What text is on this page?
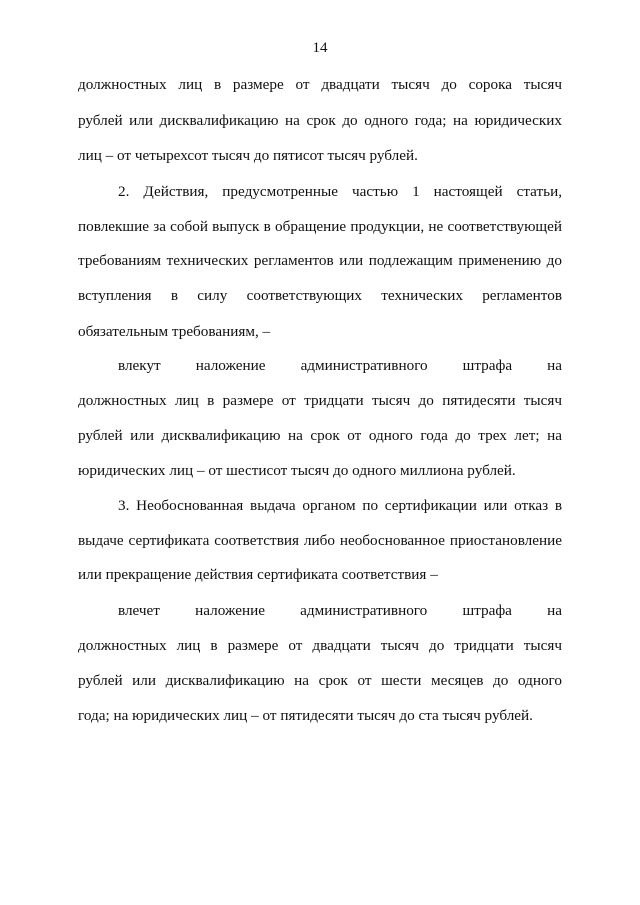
14
должностных лиц в размере от двадцати тысяч до сорока тысяч
рублей или дисквалификацию на срок до одного года; на юридических
лиц – от четырехсот тысяч до пятисот тысяч рублей.
2. Действия, предусмотренные частью 1 настоящей статьи,
повлекшие за собой выпуск в обращение продукции, не соответствующей
требованиям технических регламентов или подлежащим применению до
вступления в силу соответствующих технических регламентов
обязательным требованиям, –
влекут наложение административного штрафа на
должностных лиц в размере от тридцати тысяч до пятидесяти тысяч
рублей или дисквалификацию на срок от одного года до трех лет; на
юридических лиц – от шестисот тысяч до одного миллиона рублей.
3. Необоснованная выдача органом по сертификации или отказ в
выдаче сертификата соответствия либо необоснованное приостановление
или прекращение действия сертификата соответствия –
влечет наложение административного штрафа на
должностных лиц в размере от двадцати тысяч до тридцати тысяч
рублей или дисквалификацию на срок от шести месяцев до одного
года; на юридических лиц – от пятидесяти тысяч до ста тысяч рублей.
